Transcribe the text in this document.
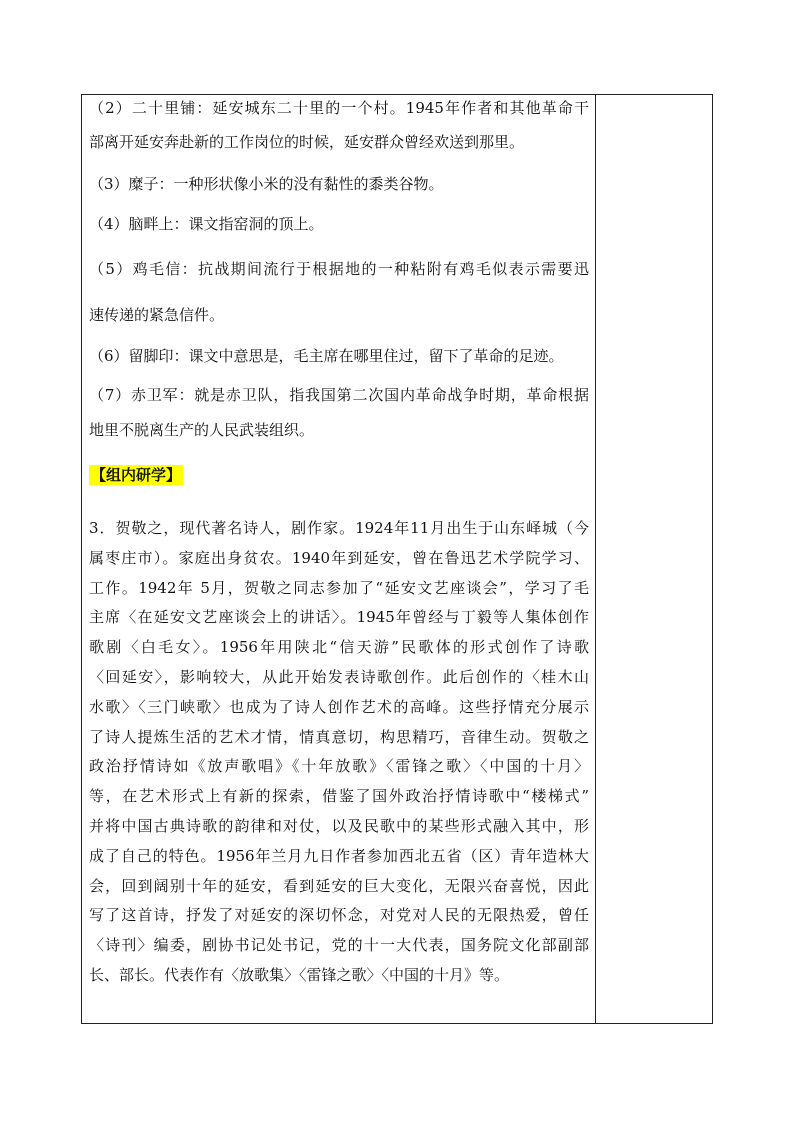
【组内研学】
（2）二十里铺：延安城东二十里的一个村。1945年作者和其他革命干
部离开延安奔赴新的工作岗位的时候，延安群众曾经欢送到那里。
（3）糜子：一种形状像小米的没有黏性的黍类谷物。
（4）脑畔上：课文指窑洞的顶上。
（5）鸡毛信：抗战期间流行于根据地的一种粘附有鸡毛似表示需要迅
速传递的紧急信件。
（6）留脚印：课文中意思是，毛主席在哪里住过，留下了革命的足迹。
（7）赤卫军：就是赤卫队，指我国第二次国内革命战争时期，革命根据
地里不脱离生产的人民武装组织。
3．贺敬之，现代著名诗人，剧作家。1924年11月出生于山东峄城（今
属枣庄市）。家庭出身贫农。1940年到延安，曾在鲁迅艺术学院学习、
工作。1942年 5月，贺敬之同志参加了“延安文艺座谈会”，学习了毛
主席〈在延安文艺座谈会上的讲话〉。1945年曾经与丁毅等人集体创作
歌剧〈白毛女〉。1956年用陕北“信天游”民歌体的形式创作了诗歌
〈回延安〉，影响较大，从此开始发表诗歌创作。此后创作的〈桂木山
水歌〉〈三门峡歌〉也成为了诗人创作艺术的高峰。这些抒情充分展示
了诗人提炼生活的艺术才情，情真意切，构思精巧，音律生动。贺敬之
政治抒情诗如《放声歌唱》《十年放歌》〈雷锋之歌〉〈中国的十月〉
等，在艺术形式上有新的探索，借鉴了国外政治抒情诗歌中“楼梯式”
并将中国古典诗歌的韵律和对仗，以及民歌中的某些形式融入其中，形
成了自己的特色。1956年兰月九日作者参加西北五省（区）青年造林大
会，回到阔别十年的延安，看到延安的巨大变化，无限兴奋喜悦，因此
写了这首诗，抒发了对延安的深切怀念，对党对人民的无限热爱，曾任
〈诗刊〉编委，剧协书记处书记，党的十一大代表，国务院文化部副部
长、部长。代表作有〈放歌集〉〈雷锋之歌〉〈中国的十月》等。
